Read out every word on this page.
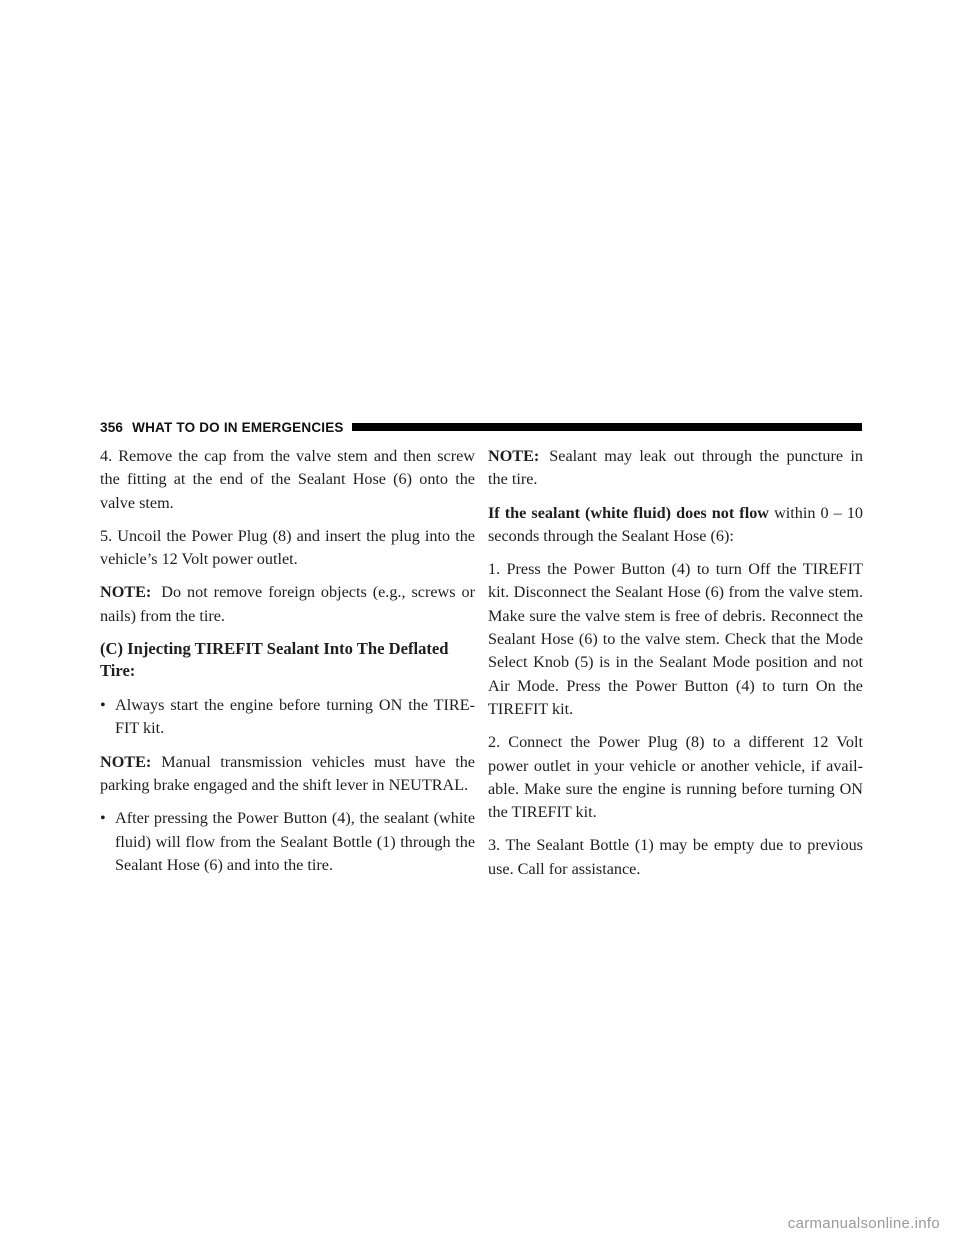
356 WHAT TO DO IN EMERGENCIES

4. Remove the cap from the valve stem and then screw the fitting at the end of the Sealant Hose (6) onto the valve stem.

5. Uncoil the Power Plug (8) and insert the plug into the vehicle’s 12 Volt power outlet.

NOTE: Do not remove foreign objects (e.g., screws or nails) from the tire.

(C) Injecting TIREFIT Sealant Into The Deflated
Tire:

• Always start the engine before turning ON the TIRE-FIT kit.

NOTE: Manual transmission vehicles must have the parking brake engaged and the shift lever in NEUTRAL.

• After pressing the Power Button (4), the sealant (white fluid) will flow from the Sealant Bottle (1) through the Sealant Hose (6) and into the tire.

NOTE: Sealant may leak out through the puncture in the tire.

If the sealant (white fluid) does not flow within 0 – 10 seconds through the Sealant Hose (6):

1. Press the Power Button (4) to turn Off the TIREFIT kit. Disconnect the Sealant Hose (6) from the valve stem. Make sure the valve stem is free of debris. Reconnect the Sealant Hose (6) to the valve stem. Check that the Mode Select Knob (5) is in the Sealant Mode position and not Air Mode. Press the Power Button (4) to turn On the TIREFIT kit.

2. Connect the Power Plug (8) to a different 12 Volt power outlet in your vehicle or another vehicle, if avail-able. Make sure the engine is running before turning ON the TIREFIT kit.

3. The Sealant Bottle (1) may be empty due to previous use. Call for assistance.

carmanualsonline.info
